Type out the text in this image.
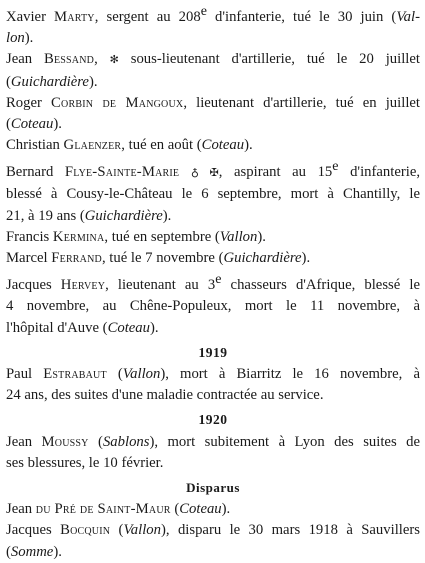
Xavier Marty, sergent au 208e d'infanterie, tué le 30 juin (Val-
lon).
Jean Bessand, ✻ sous-lieutenant d'artillerie, tué le 20 juillet
(Guichardière).
Roger Corbin de Mangoux, lieutenant d'artillerie, tué en juillet
(Coteau).
Christian Glaenzer, tué en août (Coteau).
Bernard Flye-Sainte-Marie ♁ ✠, aspirant au 15e d'infanterie,
blessé à Cousy-le-Château le 6 septembre, mort à Chantilly, le
21, à 19 ans (Guichardière).
Francis Kermina, tué en septembre (Vallon).
Marcel Ferrand, tué le 7 novembre (Guichardière).
Jacques Hervey, lieutenant au 3e chasseurs d'Afrique, blessé le
4 novembre, au Chêne-Populeux, mort le 11 novembre, à
l'hôpital d'Auve (Coteau).
1919
Paul Estrabaut (Vallon), mort à Biarritz le 16 novembre, à
24 ans, des suites d'une maladie contractée au service.
1920
Jean Moussy (Sablons), mort subitement à Lyon des suites de
ses blessures, le 10 février.
Disparus
Jean du Pré de Saint-Maur (Coteau).
Jacques Bocquin (Vallon), disparu le 30 mars 1918 à Sauvillers
(Somme).
